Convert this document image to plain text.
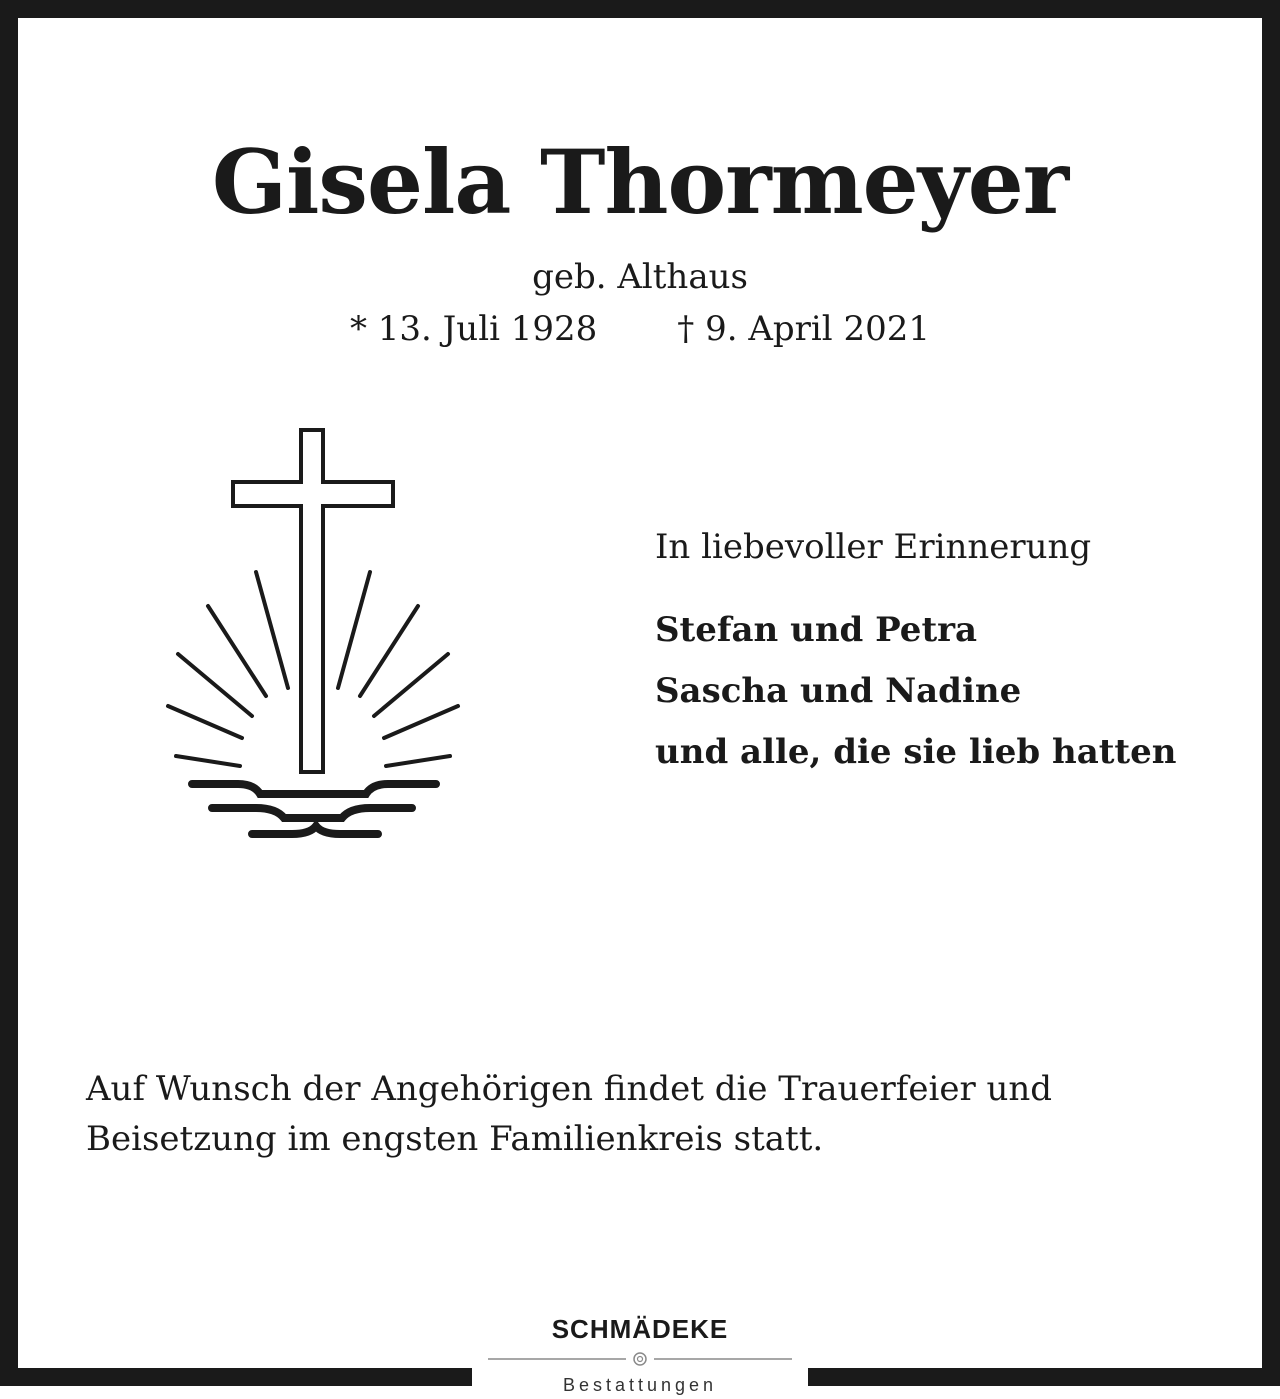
Gisela Thormeyer
geb. Althaus
* 13. Juli 1928 † 9. April 2021
In liebevoller Erinnerung
Stefan und Petra
Sascha und Nadine
und alle, die sie lieb hatten
Auf Wunsch der Angehörigen findet die Trauerfeier und
Beisetzung im engsten Familienkreis statt.
SCHMÄDEKE
Bestattungen
